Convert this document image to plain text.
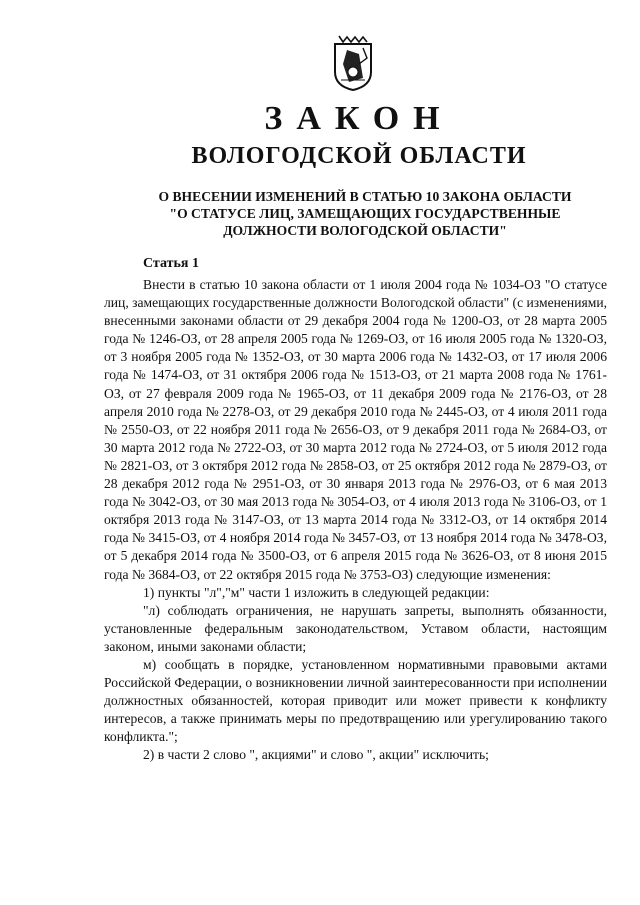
ЗАКОН
ВОЛОГОДСКОЙ ОБЛАСТИ
О ВНЕСЕНИИ ИЗМЕНЕНИЙ В СТАТЬЮ 10 ЗАКОНА ОБЛАСТИ
"О СТАТУСЕ ЛИЦ, ЗАМЕЩАЮЩИХ ГОСУДАРСТВЕННЫЕ
ДОЛЖНОСТИ ВОЛОГОДСКОЙ ОБЛАСТИ"
Статья 1

Внести в статью 10 закона области от 1 июля 2004 года № 1034-ОЗ "О статусе лиц, замещающих государственные должности Вологодской области" (с изменениями, внесенными законами области от 29 декабря 2004 года № 1200-ОЗ, от 28 марта 2005 года № 1246-ОЗ, от 28 апреля 2005 года № 1269-ОЗ, от 16 июля 2005 года № 1320-ОЗ, от 3 ноября 2005 года № 1352-ОЗ, от 30 марта 2006 года № 1432-ОЗ, от 17 июля 2006 года № 1474-ОЗ, от 31 октября 2006 года № 1513-ОЗ, от 21 марта 2008 года № 1761-ОЗ, от 27 февраля 2009 года № 1965-ОЗ, от 11 декабря 2009 года № 2176-ОЗ, от 28 апреля 2010 года № 2278-ОЗ, от 29 декабря 2010 года № 2445-ОЗ, от 4 июля 2011 года № 2550-ОЗ, от 22 ноября 2011 года № 2656-ОЗ, от 9 декабря 2011 года № 2684-ОЗ, от 30 марта 2012 года № 2722-ОЗ, от 30 марта 2012 года № 2724-ОЗ, от 5 июля 2012 года № 2821-ОЗ, от 3 октября 2012 года № 2858-ОЗ, от 25 октября 2012 года № 2879-ОЗ, от 28 декабря 2012 года № 2951-ОЗ, от 30 января 2013 года № 2976-ОЗ, от 6 мая 2013 года № 3042-ОЗ, от 30 мая 2013 года № 3054-ОЗ, от 4 июля 2013 года № 3106-ОЗ, от 1 октября 2013 года № 3147-ОЗ, от 13 марта 2014 года № 3312-ОЗ, от 14 октября 2014 года № 3415-ОЗ, от 4 ноября 2014 года № 3457-ОЗ, от 13 ноября 2014 года № 3478-ОЗ, от 5 декабря 2014 года № 3500-ОЗ, от 6 апреля 2015 года № 3626-ОЗ, от 8 июня 2015 года № 3684-ОЗ, от 22 октября 2015 года № 3753-ОЗ) следующие изменения:

1) пункты "л","м" части 1 изложить в следующей редакции:

"л) соблюдать ограничения, не нарушать запреты, выполнять обязанности, установленные федеральным законодательством, Уставом области, настоящим законом, иными законами области;

м) сообщать в порядке, установленном нормативными правовыми актами Российской Федерации, о возникновении личной заинтересованности при исполнении должностных обязанностей, которая приводит или может привести к конфликту интересов, а также принимать меры по предотвращению или урегулированию такого конфликта.";

2) в части 2 слово ", акциями" и слово ", акции" исключить;
